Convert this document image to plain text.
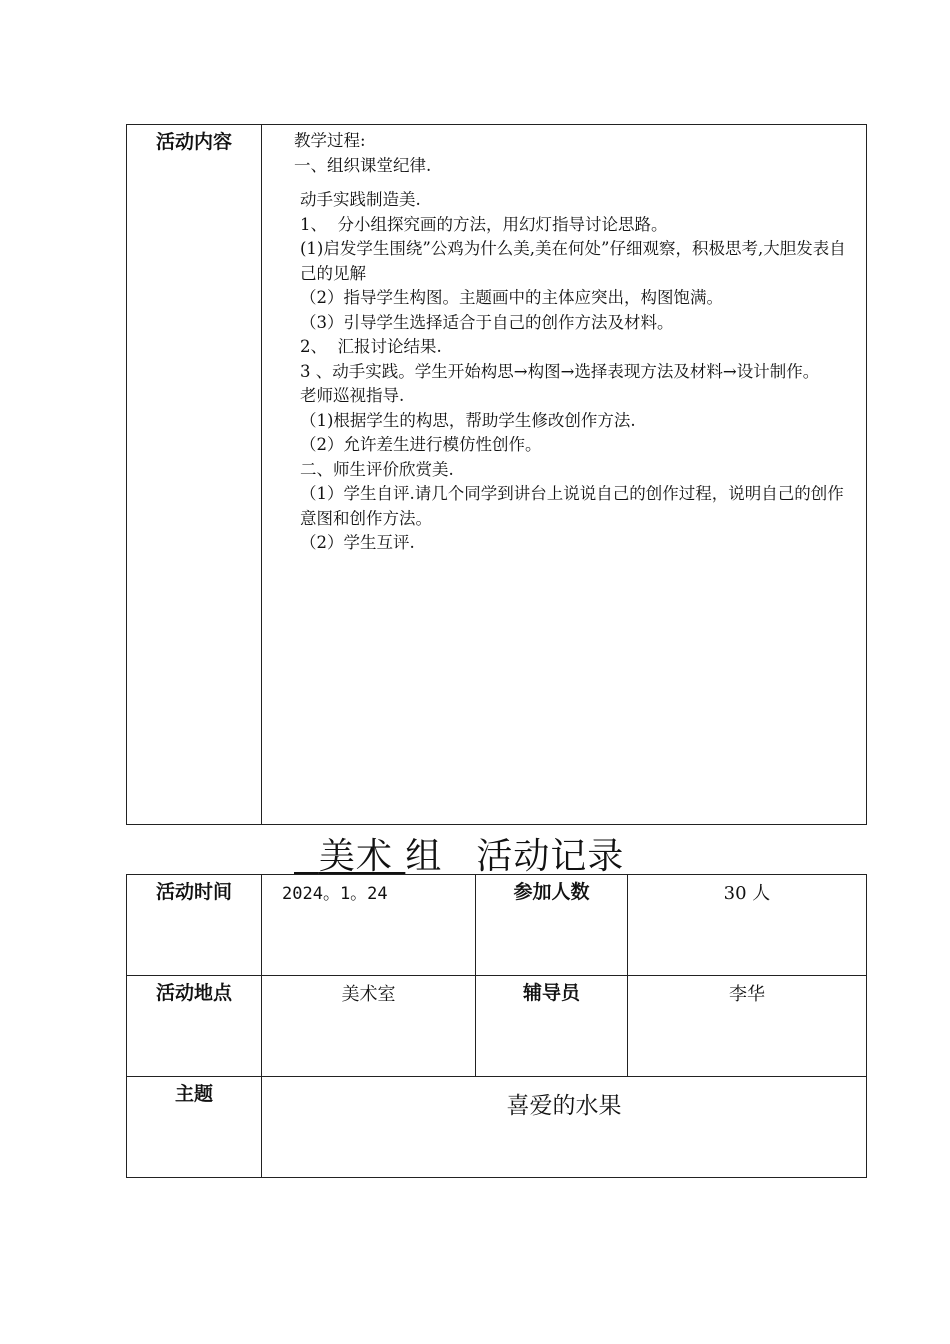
活动内容	教学过程:

一、组织课堂纪律.

动手实践制造美.

1、  分小组探究画的方法，用幻灯指导讨论思路。

(1)启发学生围绕”公鸡为什么美,美在何处”仔细观察，积极思考,大胆发表自己的见解

（2）指导学生构图。主题画中的主体应突出，构图饱满。

（3）引导学生选择适合于自己的创作方法及材料。

2、  汇报讨论结果.

3 、动手实践。学生开始构思→构图→选择表现方法及材料→设计制作。

老师巡视指导.

（1)根据学生的构思，帮助学生修改创作方法.

（2）允许差生进行模仿性创作。

二、师生评价欣赏美.

（1）学生自评.请几个同学到讲台上说说自己的创作过程，说明自己的创作意图和创作方法。

（2）学生互评.

美术 组 活动记录
活动时间	2024。1。24	参加人数	30 人
活动地点	美术室	辅导员	李华
主题	喜爱的水果		
